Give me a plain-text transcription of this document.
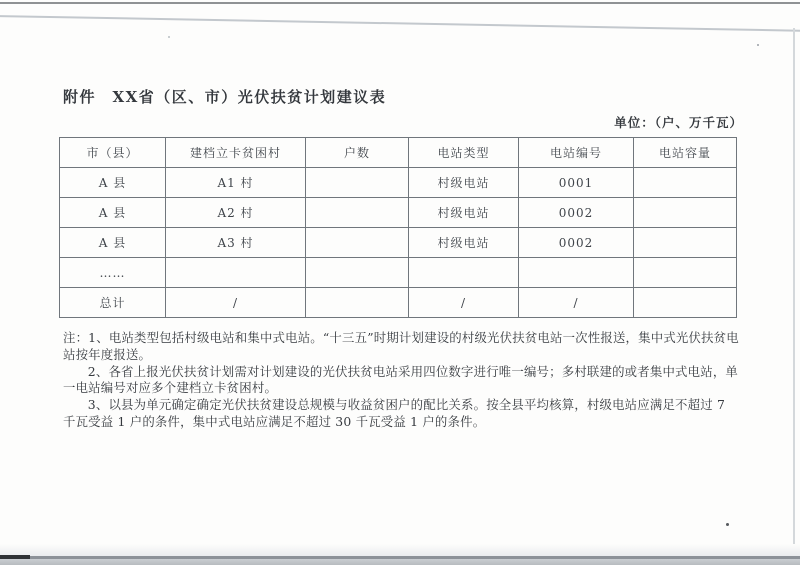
附件　XX省（区、市）光伏扶贫计划建议表
单位：（户、万千瓦）
市（县）	建档立卡贫困村	户数	电站类型	电站编号	电站容量
A 县	A1 村		村级电站	0001	
A 县	A2 村		村级电站	0002	
A 县	A3 村		村级电站	0002	
……					
总计	/		/	/	

注：1、电站类型包括村级电站和集中式电站。“十三五”时期计划建设的村级光伏扶贫电站一次性报送，集中式光伏扶贫电站按年度报送。

2、各省上报光伏扶贫计划需对计划建设的光伏扶贫电站采用四位数字进行唯一编号；多村联建的或者集中式电站，单一电站编号对应多个建档立卡贫困村。

3、以县为单元确定确定光伏扶贫建设总规模与收益贫困户的配比关系。按全县平均核算，村级电站应满足不超过 7 千瓦受益 1 户的条件，集中式电站应满足不超过 30 千瓦受益 1 户的条件。
